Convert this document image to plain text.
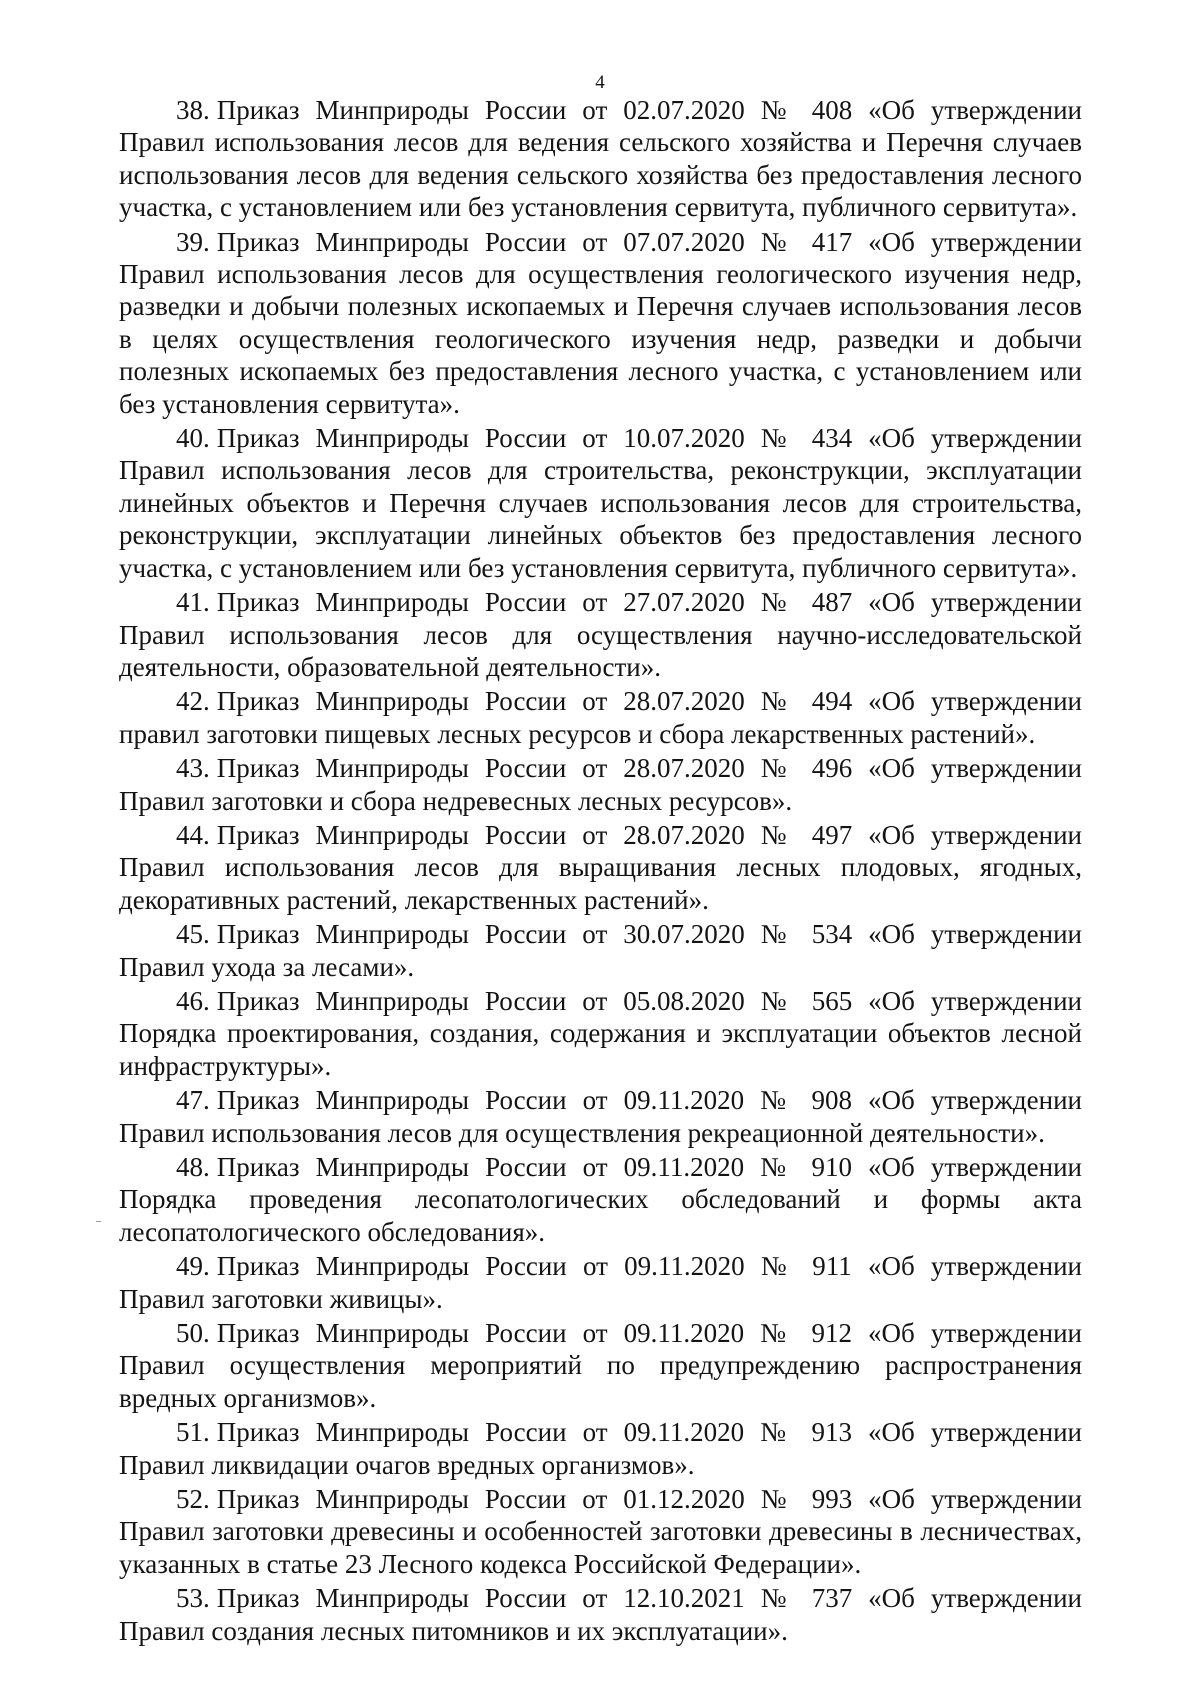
4

38. Приказ Минприроды России от 02.07.2020 № 408 «Об утверждении Правил использования лесов для ведения сельского хозяйства и Перечня случаев использования лесов для ведения сельского хозяйства без предоставления лесного участка, с установлением или без установления сервитута, публичного сервитута».

39. Приказ Минприроды России от 07.07.2020 № 417 «Об утверждении Правил использования лесов для осуществления геологического изучения недр, разведки и добычи полезных ископаемых и Перечня случаев использования лесов в целях осуществления геологического изучения недр, разведки и добычи полезных ископаемых без предоставления лесного участка, с установлением или без установления сервитута».

40. Приказ Минприроды России от 10.07.2020 № 434 «Об утверждении Правил использования лесов для строительства, реконструкции, эксплуатации линейных объектов и Перечня случаев использования лесов для строительства, реконструкции, эксплуатации линейных объектов без предоставления лесного участка, с установлением или без установления сервитута, публичного сервитута».

41. Приказ Минприроды России от 27.07.2020 № 487 «Об утверждении Правил использования лесов для осуществления научно-исследовательской деятельности, образовательной деятельности».

42. Приказ Минприроды России от 28.07.2020 № 494 «Об утверждении правил заготовки пищевых лесных ресурсов и сбора лекарственных растений».

43. Приказ Минприроды России от 28.07.2020 № 496 «Об утверждении Правил заготовки и сбора недревесных лесных ресурсов».

44. Приказ Минприроды России от 28.07.2020 № 497 «Об утверждении Правил использования лесов для выращивания лесных плодовых, ягодных, декоративных растений, лекарственных растений».

45. Приказ Минприроды России от 30.07.2020 № 534 «Об утверждении Правил ухода за лесами».

46. Приказ Минприроды России от 05.08.2020 № 565 «Об утверждении Порядка проектирования, создания, содержания и эксплуатации объектов лесной инфраструктуры».

47. Приказ Минприроды России от 09.11.2020 № 908 «Об утверждении Правил использования лесов для осуществления рекреационной деятельности».

48. Приказ Минприроды России от 09.11.2020 № 910 «Об утверждении Порядка проведения лесопатологических обследований и формы акта лесопатологического обследования».

49. Приказ Минприроды России от 09.11.2020 № 911 «Об утверждении Правил заготовки живицы».

50. Приказ Минприроды России от 09.11.2020 № 912 «Об утверждении Правил осуществления мероприятий по предупреждению распространения вредных организмов».

51. Приказ Минприроды России от 09.11.2020 № 913 «Об утверждении Правил ликвидации очагов вредных организмов».

52. Приказ Минприроды России от 01.12.2020 № 993 «Об утверждении Правил заготовки древесины и особенностей заготовки древесины в лесничествах, указанных в статье 23 Лесного кодекса Российской Федерации».

53. Приказ Минприроды России от 12.10.2021 № 737 «Об утверждении Правил создания лесных питомников и их эксплуатации».
